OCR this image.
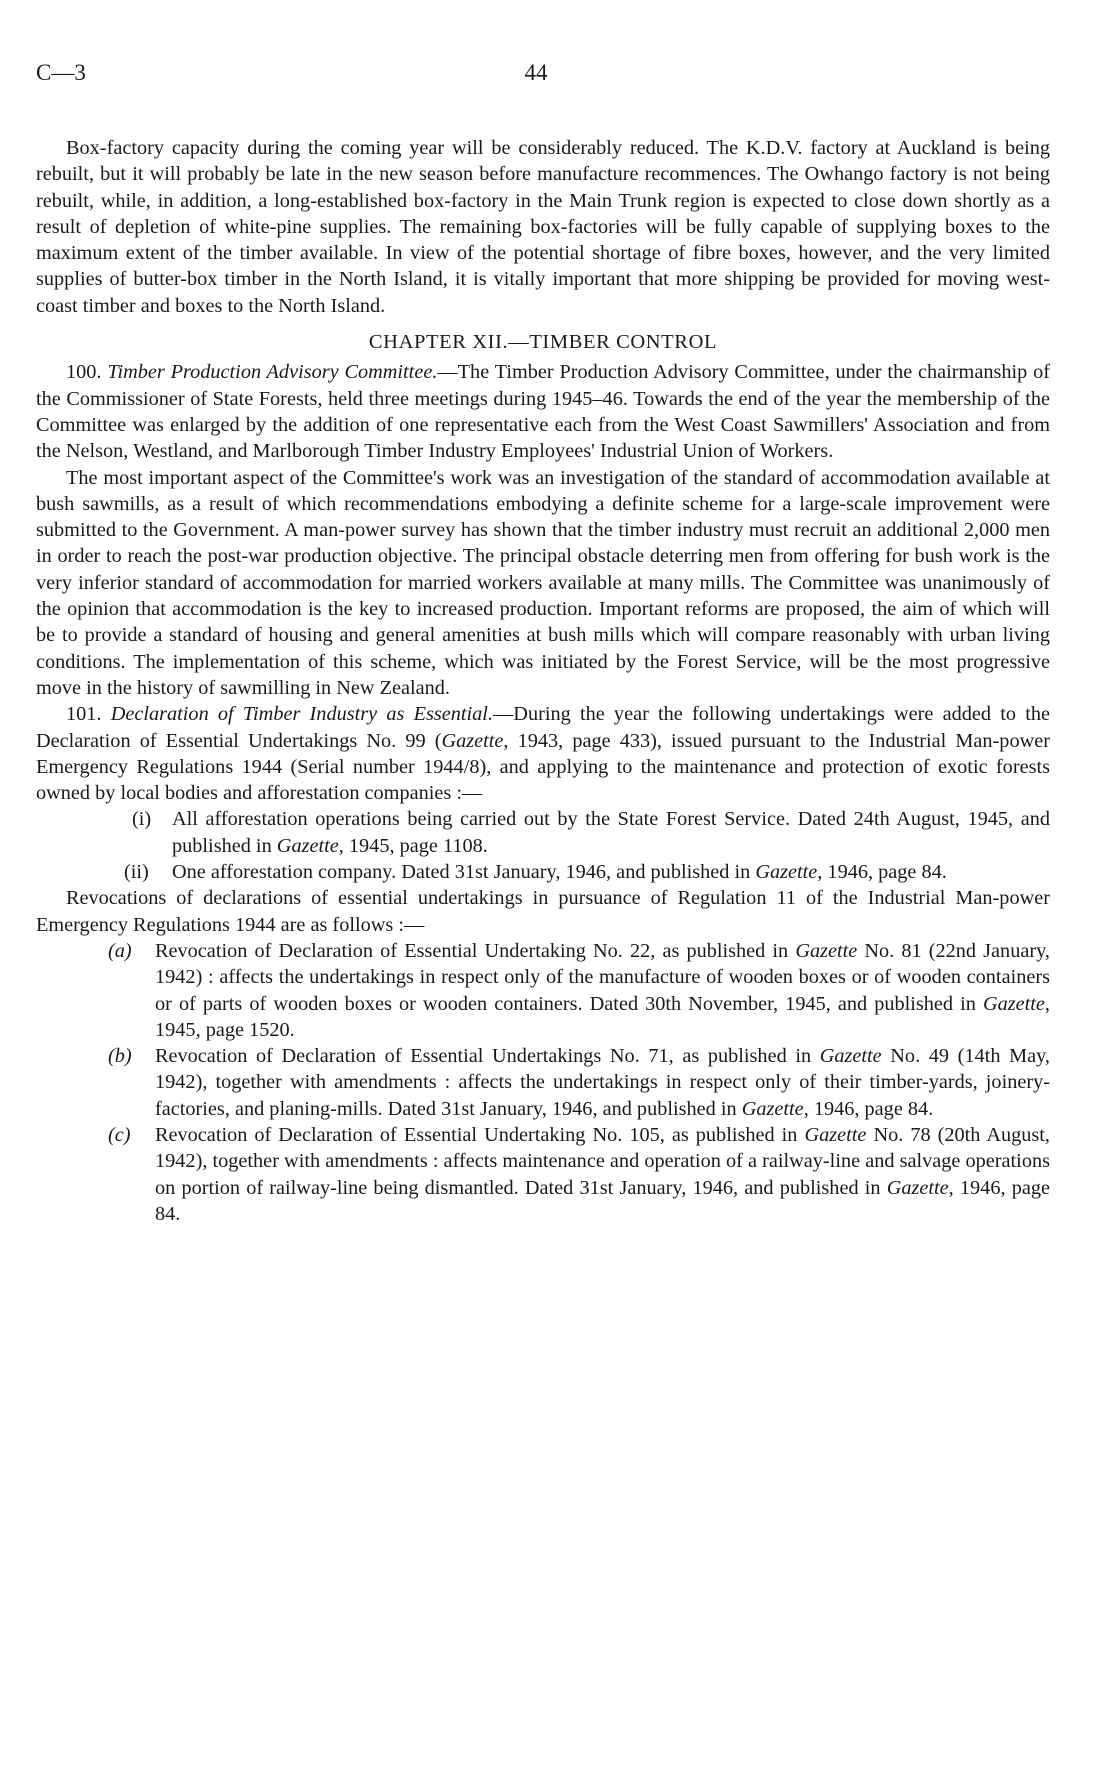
C—3	44

Box-factory capacity during the coming year will be considerably reduced. The K.D.V. factory at Auckland is being rebuilt, but it will probably be late in the new season before manufacture recommences. The Owhango factory is not being rebuilt, while, in addition, a long-established box-factory in the Main Trunk region is expected to close down shortly as a result of depletion of white-pine supplies. The remaining box-factories will be fully capable of supplying boxes to the maximum extent of the timber available. In view of the potential shortage of fibre boxes, however, and the very limited supplies of butter-box timber in the North Island, it is vitally important that more shipping be provided for moving west-coast timber and boxes to the North Island.

CHAPTER XII.—TIMBER CONTROL

100. Timber Production Advisory Committee.—The Timber Production Advisory Committee, under the chairmanship of the Commissioner of State Forests, held three meetings during 1945–46. Towards the end of the year the membership of the Committee was enlarged by the addition of one representative each from the West Coast Sawmillers' Association and from the Nelson, Westland, and Marlborough Timber Industry Employees' Industrial Union of Workers.

The most important aspect of the Committee's work was an investigation of the standard of accommodation available at bush sawmills, as a result of which recommendations embodying a definite scheme for a large-scale improvement were submitted to the Government. A man-power survey has shown that the timber industry must recruit an additional 2,000 men in order to reach the post-war production objective. The principal obstacle deterring men from offering for bush work is the very inferior standard of accommodation for married workers available at many mills. The Committee was unanimously of the opinion that accommodation is the key to increased production. Important reforms are proposed, the aim of which will be to provide a standard of housing and general amenities at bush mills which will compare reasonably with urban living conditions. The implementation of this scheme, which was initiated by the Forest Service, will be the most progressive move in the history of sawmilling in New Zealand.

101. Declaration of Timber Industry as Essential.—During the year the following undertakings were added to the Declaration of Essential Undertakings No. 99 (Gazette, 1943, page 433), issued pursuant to the Industrial Man-power Emergency Regulations 1944 (Serial number 1944/8), and applying to the maintenance and protection of exotic forests owned by local bodies and afforestation companies :—

(i) All afforestation operations being carried out by the State Forest Service. Dated 24th August, 1945, and published in Gazette, 1945, page 1108.
(ii) One afforestation company. Dated 31st January, 1946, and published in Gazette, 1946, page 84.

Revocations of declarations of essential undertakings in pursuance of Regulation 11 of the Industrial Man-power Emergency Regulations 1944 are as follows :—

(a) Revocation of Declaration of Essential Undertaking No. 22, as published in Gazette No. 81 (22nd January, 1942) : affects the undertakings in respect only of the manufacture of wooden boxes or of wooden containers or of parts of wooden boxes or wooden containers. Dated 30th November, 1945, and published in Gazette, 1945, page 1520.
(b) Revocation of Declaration of Essential Undertakings No. 71, as published in Gazette No. 49 (14th May, 1942), together with amendments : affects the undertakings in respect only of their timber-yards, joinery-factories, and planing-mills. Dated 31st January, 1946, and published in Gazette, 1946, page 84.
(c) Revocation of Declaration of Essential Undertaking No. 105, as published in Gazette No. 78 (20th August, 1942), together with amendments : affects maintenance and operation of a railway-line and salvage operations on portion of railway-line being dismantled. Dated 31st January, 1946, and published in Gazette, 1946, page 84.
